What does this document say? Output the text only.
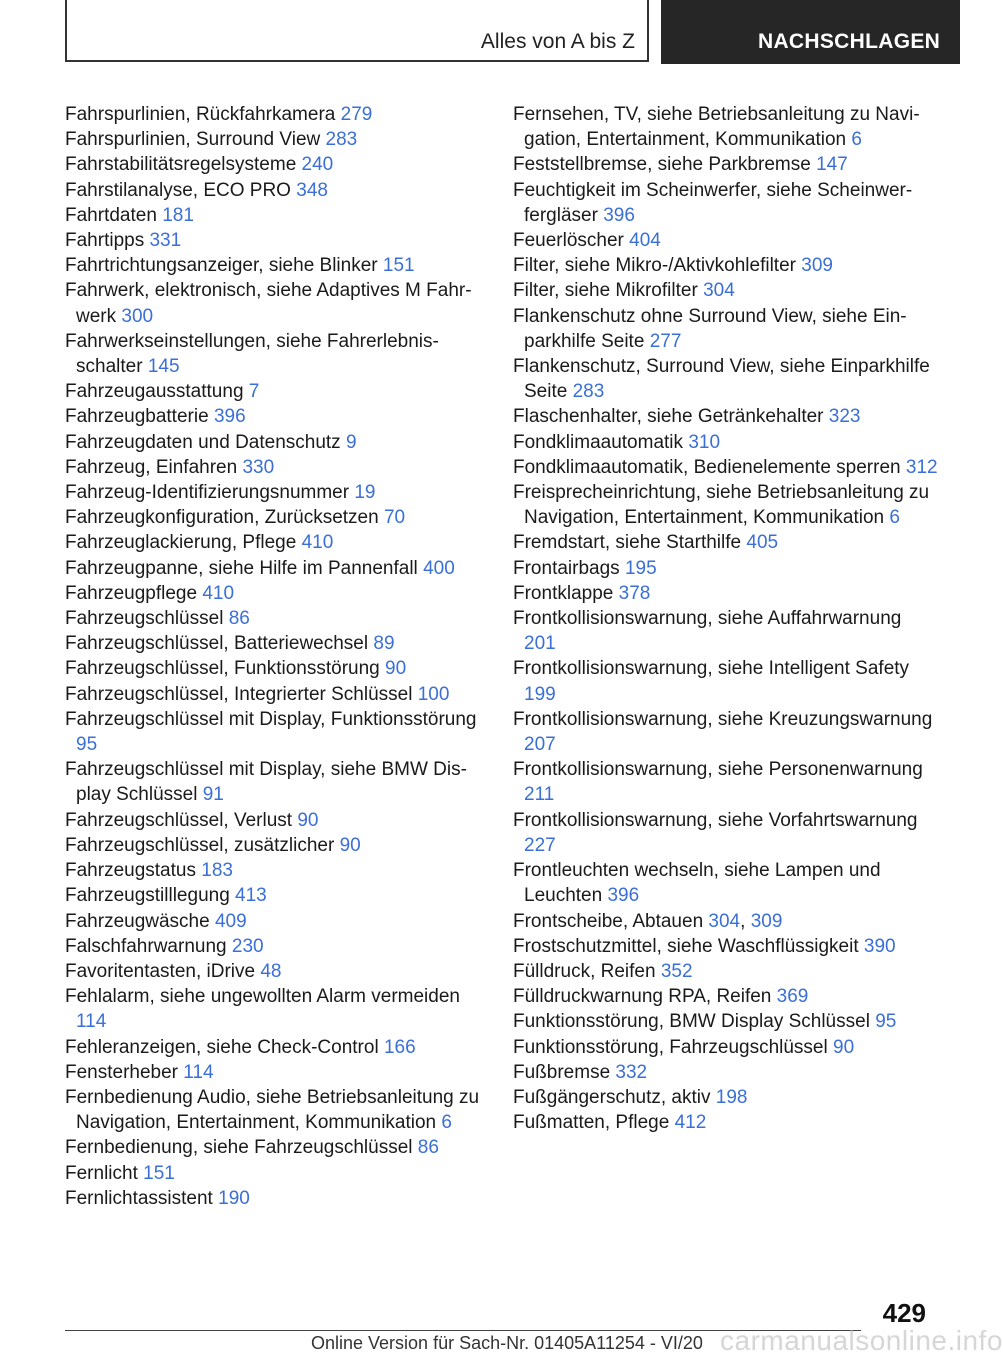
Alles von A bis Z	NACHSCHLAGEN
Fahrspurlinien, Rückfahrkamera 279
Fahrspurlinien, Surround View 283
Fahrstabilitätsregelsysteme 240
Fahrstilanalyse, ECO PRO 348
Fahrtdaten 181
Fahrtipps 331
Fahrtrichtungsanzeiger, siehe Blinker 151
Fahrwerk, elektronisch, siehe Adaptives M Fahrwerk 300
Fahrwerkseinstellungen, siehe Fahrerlebnisschalter 145
Fahrzeugausstattung 7
Fahrzeugbatterie 396
Fahrzeugdaten und Datenschutz 9
Fahrzeug, Einfahren 330
Fahrzeug-Identifizierungsnummer 19
Fahrzeugkonfiguration, Zurücksetzen 70
Fahrzeuglackierung, Pflege 410
Fahrzeugpanne, siehe Hilfe im Pannenfall 400
Fahrzeugpflege 410
Fahrzeugschlüssel 86
Fahrzeugschlüssel, Batteriewechsel 89
Fahrzeugschlüssel, Funktionsstörung 90
Fahrzeugschlüssel, Integrierter Schlüssel 100
Fahrzeugschlüssel mit Display, Funktionsstörung 95
Fahrzeugschlüssel mit Display, siehe BMW Display Schlüssel 91
Fahrzeugschlüssel, Verlust 90
Fahrzeugschlüssel, zusätzlicher 90
Fahrzeugstatus 183
Fahrzeugstilllegung 413
Fahrzeugwäsche 409
Falschfahrwarnung 230
Favoritentasten, iDrive 48
Fehlalarm, siehe ungewollten Alarm vermeiden 114
Fehleranzeigen, siehe Check-Control 166
Fensterheber 114
Fernbedienung Audio, siehe Betriebsanleitung zu Navigation, Entertainment, Kommunikation 6
Fernbedienung, siehe Fahrzeugschlüssel 86
Fernlicht 151
Fernlichtassistent 190
Fernsehen, TV, siehe Betriebsanleitung zu Navigation, Entertainment, Kommunikation 6
Feststellbremse, siehe Parkbremse 147
Feuchtigkeit im Scheinwerfer, siehe Scheinwerfergläser 396
Feuerlöscher 404
Filter, siehe Mikro-/Aktivkohlefilter 309
Filter, siehe Mikrofilter 304
Flankenschutz ohne Surround View, siehe Einparkhilfe Seite 277
Flankenschutz, Surround View, siehe Einparkhilfe Seite 283
Flaschenhalter, siehe Getränkehalter 323
Fondklimaautomatik 310
Fondklimaautomatik, Bedienelemente sperren 312
Freisprecheinrichtung, siehe Betriebsanleitung zu Navigation, Entertainment, Kommunikation 6
Fremdstart, siehe Starthilfe 405
Frontairbags 195
Frontklappe 378
Frontkollisionswarnung, siehe Auffahrwarnung 201
Frontkollisionswarnung, siehe Intelligent Safety 199
Frontkollisionswarnung, siehe Kreuzungswarnung 207
Frontkollisionswarnung, siehe Personenwarnung 211
Frontkollisionswarnung, siehe Vorfahrtswarnung 227
Frontleuchten wechseln, siehe Lampen und Leuchten 396
Frontscheibe, Abtauen 304, 309
Frostschutzmittel, siehe Waschflüssigkeit 390
Fülldruck, Reifen 352
Fülldruckwarnung RPA, Reifen 369
Funktionsstörung, BMW Display Schlüssel 95
Funktionsstörung, Fahrzeugschlüssel 90
Fußbremse 332
Fußgängerschutz, aktiv 198
Fußmatten, Pflege 412
429
Online Version für Sach-Nr. 01405A11254 - VI/20 carmanualsonline.info
